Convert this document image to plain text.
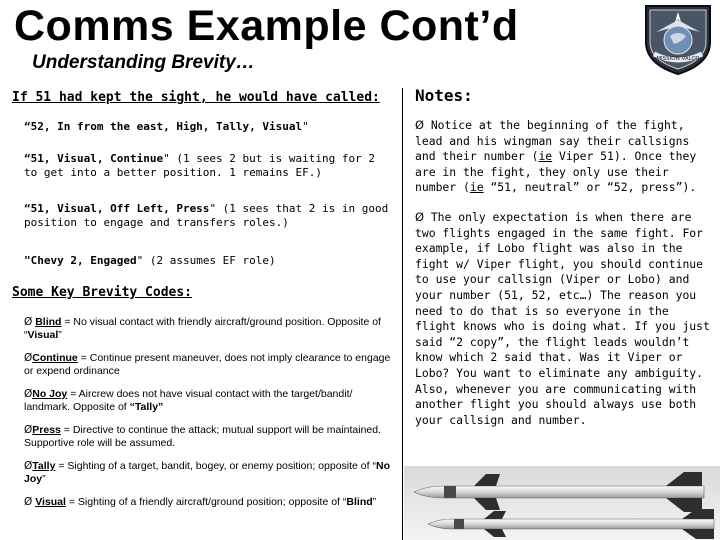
Comms Example Cont’d
Understanding Brevity…	MISSION VALOR
If 51 had kept the sight, he would have called:
“52, In from the east, High, Tally, Visual"
“51, Visual, Continue" (1 sees 2 but is waiting for 2 to get into a better position. 1 remains EF.)
“51, Visual, Off Left, Press" (1 sees that 2 is in good position to engage and transfers roles.)
"Chevy 2, Engaged" (2 assumes EF role)
Some Key Brevity Codes:
Ø Blind = No visual contact with friendly aircraft/ground position. Opposite of “Visual”
ØContinue = Continue present maneuver, does not imply clearance to engage or expend ordinance
ØNo Joy = Aircrew does not have visual contact with the target/bandit/ landmark. Opposite of “Tally”
ØPress = Directive to continue the attack; mutual support will be maintained. Supportive role will be assumed.
ØTally = Sighting of a target, bandit, bogey, or enemy position; opposite of “No Joy”
Ø Visual = Sighting of a friendly aircraft/ground position; opposite of “Blind”
Notes:
Ø Notice at the beginning of the fight, lead and his wingman say their callsigns and their number (ie Viper 51). Once they are in the fight, they only use their number (ie “51, neutral” or “52, press”).
Ø The only expectation is when there are two flights engaged in the same fight. For example, if Lobo flight was also in the fight w/ Viper flight, you should continue to use your callsign (Viper or Lobo) and your number (51, 52, etc…) The reason you need to do that is so everyone in the flight knows who is doing what. If you just said “2 copy”, the flight leads wouldn’t know which 2 said that. Was it Viper or Lobo? You want to eliminate any ambiguity. Also, whenever you are communicating with another flight you should always use both your callsign and number.
